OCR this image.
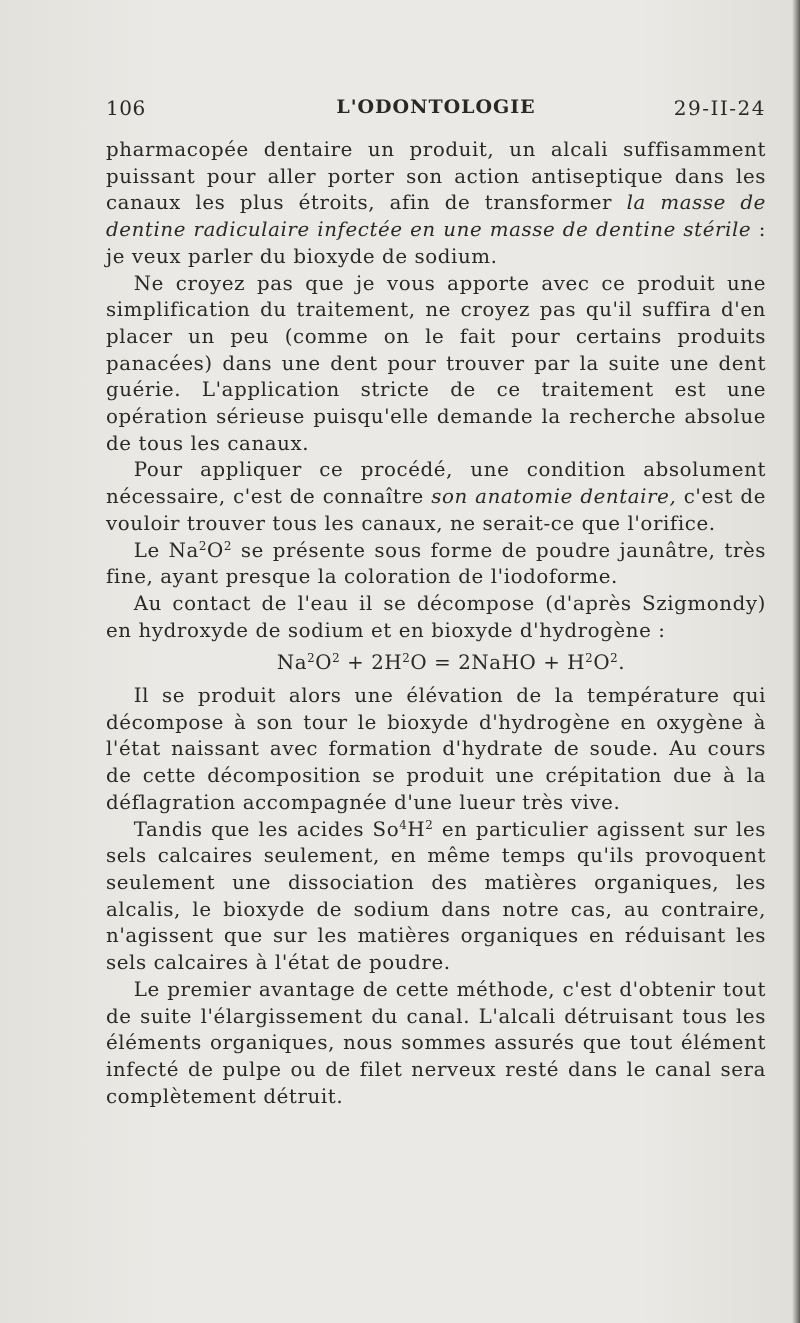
106	L'ODONTOLOGIE	29-II-24

pharmacopée dentaire un produit, un alcali suffisamment puissant pour aller porter son action antiseptique dans les canaux les plus étroits, afin de transformer la masse de dentine radiculaire infectée en une masse de dentine stérile : je veux parler du bioxyde de sodium.

Ne croyez pas que je vous apporte avec ce produit une simplification du traitement, ne croyez pas qu'il suffira d'en placer un peu (comme on le fait pour certains produits panacées) dans une dent pour trouver par la suite une dent guérie. L'application stricte de ce traitement est une opération sérieuse puisqu'elle demande la recherche absolue de tous les canaux.

Pour appliquer ce procédé, une condition absolument nécessaire, c'est de connaître son anatomie dentaire, c'est de vouloir trouver tous les canaux, ne serait-ce que l'orifice.

Le $Na^2O^2$ se présente sous forme de poudre jaunâtre, très fine, ayant presque la coloration de l'iodoforme.

Au contact de l'eau il se décompose (d'après Szigmondy) en hydroxyde de sodium et en bioxyde d'hydrogène :

$Na^2O^2 + 2H^2O$ = 2NaHO + $H^2O^2$.

Il se produit alors une élévation de la température qui décompose à son tour le bioxyde d'hydrogène en oxygène à l'état naissant avec formation d'hydrate de soude. Au cours de cette décomposition se produit une crépitation due à la déflagration accompagnée d'une lueur très vive.

Tandis que les acides $So^4H^2$ en particulier agissent sur les sels calcaires seulement, en même temps qu'ils provoquent seulement une dissociation des matières organiques, les alcalis, le bioxyde de sodium dans notre cas, au contraire, n'agissent que sur les matières organiques en réduisant les sels calcaires à l'état de poudre.

Le premier avantage de cette méthode, c'est d'obtenir tout de suite l'élargissement du canal. L'alcali détruisant tous les éléments organiques, nous sommes assurés que tout élément infecté de pulpe ou de filet nerveux resté dans le canal sera complètement détruit.
